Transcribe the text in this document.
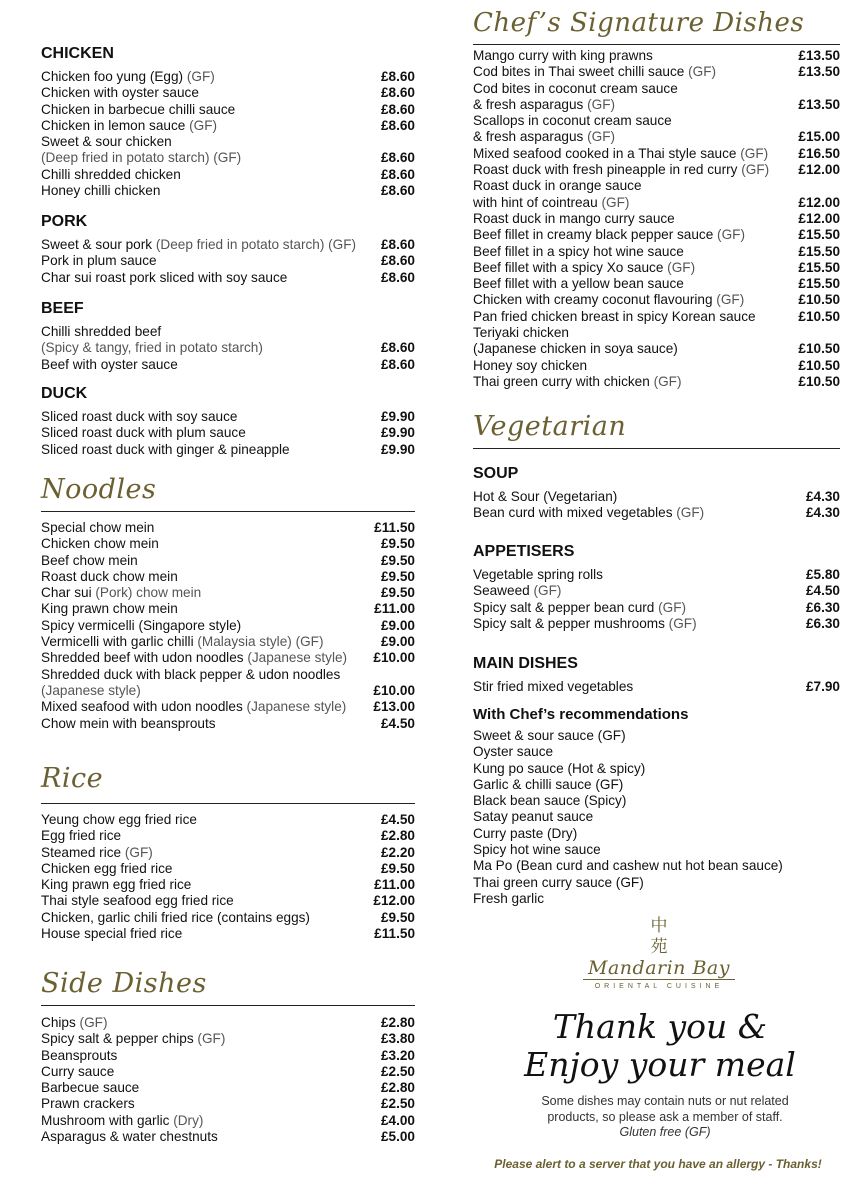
CHICKEN
Chicken foo yung (Egg) (GF)	£8.60
Chicken with oyster sauce	£8.60
Chicken in barbecue chilli sauce	£8.60
Chicken in lemon sauce (GF)	£8.60
Sweet & sour chicken
(Deep fried in potato starch) (GF)	£8.60
Chilli shredded chicken	£8.60
Honey chilli chicken	£8.60
PORK
Sweet & sour pork (Deep fried in potato starch) (GF)	£8.60
Pork in plum sauce	£8.60
Char sui roast pork sliced with soy sauce	£8.60
BEEF
Chilli shredded beef
(Spicy & tangy, fried in potato starch)	£8.60
Beef with oyster sauce	£8.60
DUCK
Sliced roast duck with soy sauce	£9.90
Sliced roast duck with plum sauce	£9.90
Sliced roast duck with ginger & pineapple	£9.90
Noodles
Special chow mein	£11.50
Chicken chow mein	£9.50
Beef chow mein	£9.50
Roast duck chow mein	£9.50
Char sui (Pork) chow mein	£9.50
King prawn chow mein	£11.00
Spicy vermicelli (Singapore style)	£9.00
Vermicelli with garlic chilli (Malaysia style) (GF)	£9.00
Shredded beef with udon noodles (Japanese style)	£10.00
Shredded duck with black pepper & udon noodles
(Japanese style)	£10.00
Mixed seafood with udon noodles (Japanese style)	£13.00
Chow mein with beansprouts	£4.50
Rice
Yeung chow egg fried rice	£4.50
Egg fried rice	£2.80
Steamed rice (GF)	£2.20
Chicken egg fried rice	£9.50
King prawn egg fried rice	£11.00
Thai style seafood egg fried rice	£12.00
Chicken, garlic chili fried rice (contains eggs)	£9.50
House special fried rice	£11.50
Side Dishes
Chips (GF)	£2.80
Spicy salt & pepper chips (GF)	£3.80
Beansprouts	£3.20
Curry sauce	£2.50
Barbecue sauce	£2.80
Prawn crackers	£2.50
Mushroom with garlic (Dry)	£4.00
Asparagus & water chestnuts	£5.00
Chef’s Signature Dishes
Mango curry with king prawns	£13.50
Cod bites in Thai sweet chilli sauce (GF)	£13.50
Cod bites in coconut cream sauce
& fresh asparagus (GF)	£13.50
Scallops in coconut cream sauce
& fresh asparagus (GF)	£15.00
Mixed seafood cooked in a Thai style sauce (GF)	£16.50
Roast duck with fresh pineapple in red curry (GF)	£12.00
Roast duck in orange sauce
with hint of cointreau (GF)	£12.00
Roast duck in mango curry sauce	£12.00
Beef fillet in creamy black pepper sauce (GF)	£15.50
Beef fillet in a spicy hot wine sauce	£15.50
Beef fillet with a spicy Xo sauce (GF)	£15.50
Beef fillet with a yellow bean sauce	£15.50
Chicken with creamy coconut flavouring (GF)	£10.50
Pan fried chicken breast in spicy Korean sauce	£10.50
Teriyaki chicken
(Japanese chicken in soya sauce)	£10.50
Honey soy chicken	£10.50
Thai green curry with chicken (GF)	£10.50
Vegetarian
SOUP
Hot & Sour (Vegetarian)	£4.30
Bean curd with mixed vegetables (GF)	£4.30
APPETISERS
Vegetable spring rolls	£5.80
Seaweed (GF)	£4.50
Spicy salt & pepper bean curd (GF)	£6.30
Spicy salt & pepper mushrooms (GF)	£6.30
MAIN DISHES
Stir fried mixed vegetables	£7.90
With Chef’s recommendations
Sweet & sour sauce (GF)
Oyster sauce
Kung po sauce (Hot & spicy)
Garlic & chilli sauce (GF)
Black bean sauce (Spicy)
Satay peanut sauce
Curry paste (Dry)
Spicy hot wine sauce
Ma Po (Bean curd and cashew nut hot bean sauce)
Thai green curry sauce (GF)
Fresh garlic
中
苑
Mandarin Bay
ORIENTAL CUISINE
Thank you &
Enjoy your meal
Some dishes may contain nuts or nut related
products, so please ask a member of staff.
Gluten free (GF)
Please alert to a server that you have an allergy - Thanks!
